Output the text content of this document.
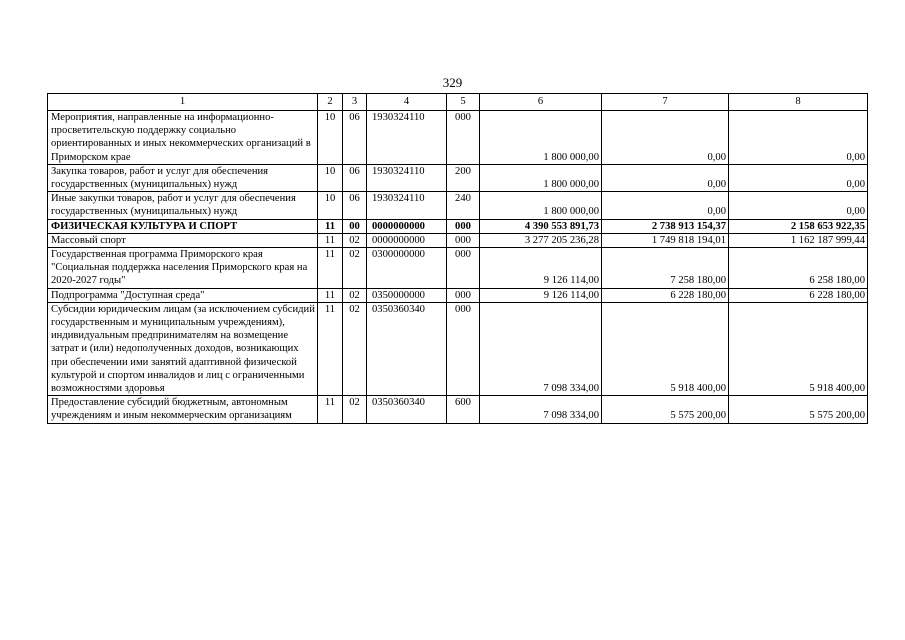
329
1	2	3	4	5	6	7	8
Мероприятия, направленные на информационно-просветительскую поддержку социально ориентированных и иных некоммерческих организаций в Приморском крае	10	06	1930324110	000	1 800 000,00	0,00	0,00
Закупка товаров, работ и услуг для обеспечения государственных (муниципальных) нужд	10	06	1930324110	200	1 800 000,00	0,00	0,00
Иные закупки товаров, работ и услуг для обеспечения государственных (муниципальных) нужд	10	06	1930324110	240	1 800 000,00	0,00	0,00
ФИЗИЧЕСКАЯ КУЛЬТУРА И СПОРТ	11	00	0000000000	000	4 390 553 891,73	2 738 913 154,37	2 158 653 922,35
Массовый спорт	11	02	0000000000	000	3 277 205 236,28	1 749 818 194,01	1 162 187 999,44
Государственная программа Приморского края "Социальная поддержка населения Приморского края на 2020-2027 годы"	11	02	0300000000	000	9 126 114,00	7 258 180,00	6 258 180,00
Подпрограмма "Доступная среда"	11	02	0350000000	000	9 126 114,00	6 228 180,00	6 228 180,00
Субсидии юридическим лицам (за исключением субсидий государственным и муниципальным учреждениям), индивидуальным предпринимателям на возмещение затрат и (или) недополученных доходов, возникающих при обеспечении ими занятий адаптивной физической культурой и спортом инвалидов и лиц с ограниченными возможностями здоровья	11	02	0350360340	000	7 098 334,00	5 918 400,00	5 918 400,00
Предоставление субсидий бюджетным, автономным учреждениям и иным некоммерческим организациям	11	02	0350360340	600	7 098 334,00	5 575 200,00	5 575 200,00
